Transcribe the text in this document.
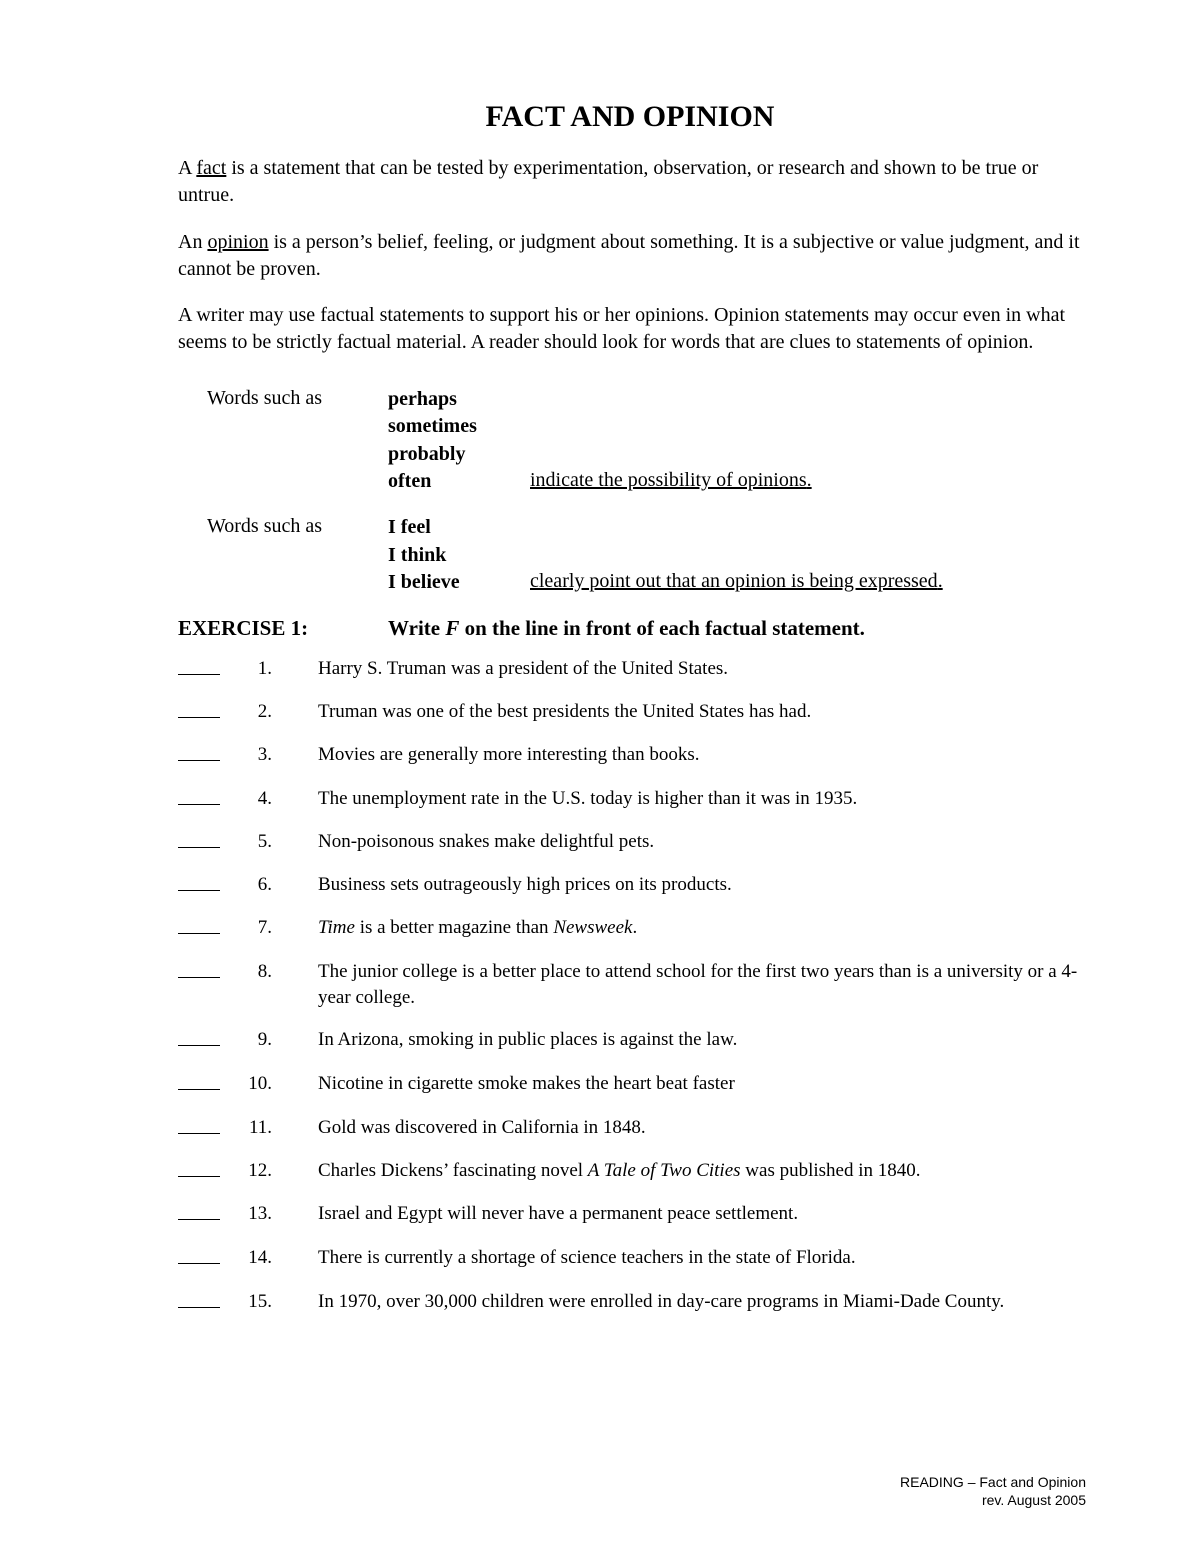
FACT AND OPINION

A fact is a statement that can be tested by experimentation, observation, or research and shown to be true or untrue.

An opinion is a person’s belief, feeling, or judgment about something. It is a subjective or value judgment, and it cannot be proven.

A writer may use factual statements to support his or her opinions. Opinion statements may occur even in what seems to be strictly factual material. A reader should look for words that are clues to statements of opinion.

Words such as	perhaps
sometimes
probably
often	indicate the possibility of opinions.
Words such as	I feel
I think
I believe	clearly point out that an opinion is being expressed.
EXERCISE 1:	Write F on the line in front of each factual statement.
1. Harry S. Truman was a president of the United States.
2. Truman was one of the best presidents the United States has had.
3. Movies are generally more interesting than books.
4. The unemployment rate in the U.S. today is higher than it was in 1935.
5. Non-poisonous snakes make delightful pets.
6. Business sets outrageously high prices on its products.
7. Time is a better magazine than Newsweek.
8. The junior college is a better place to attend school for the first two years than is a university or a 4-year college.
9. In Arizona, smoking in public places is against the law.
10. Nicotine in cigarette smoke makes the heart beat faster
11. Gold was discovered in California in 1848.
12. Charles Dickens’ fascinating novel A Tale of Two Cities was published in 1840.
13. Israel and Egypt will never have a permanent peace settlement.
14. There is currently a shortage of science teachers in the state of Florida.
15. In 1970, over 30,000 children were enrolled in day-care programs in Miami-Dade County.
READING – Fact and Opinion
rev. August 2005
